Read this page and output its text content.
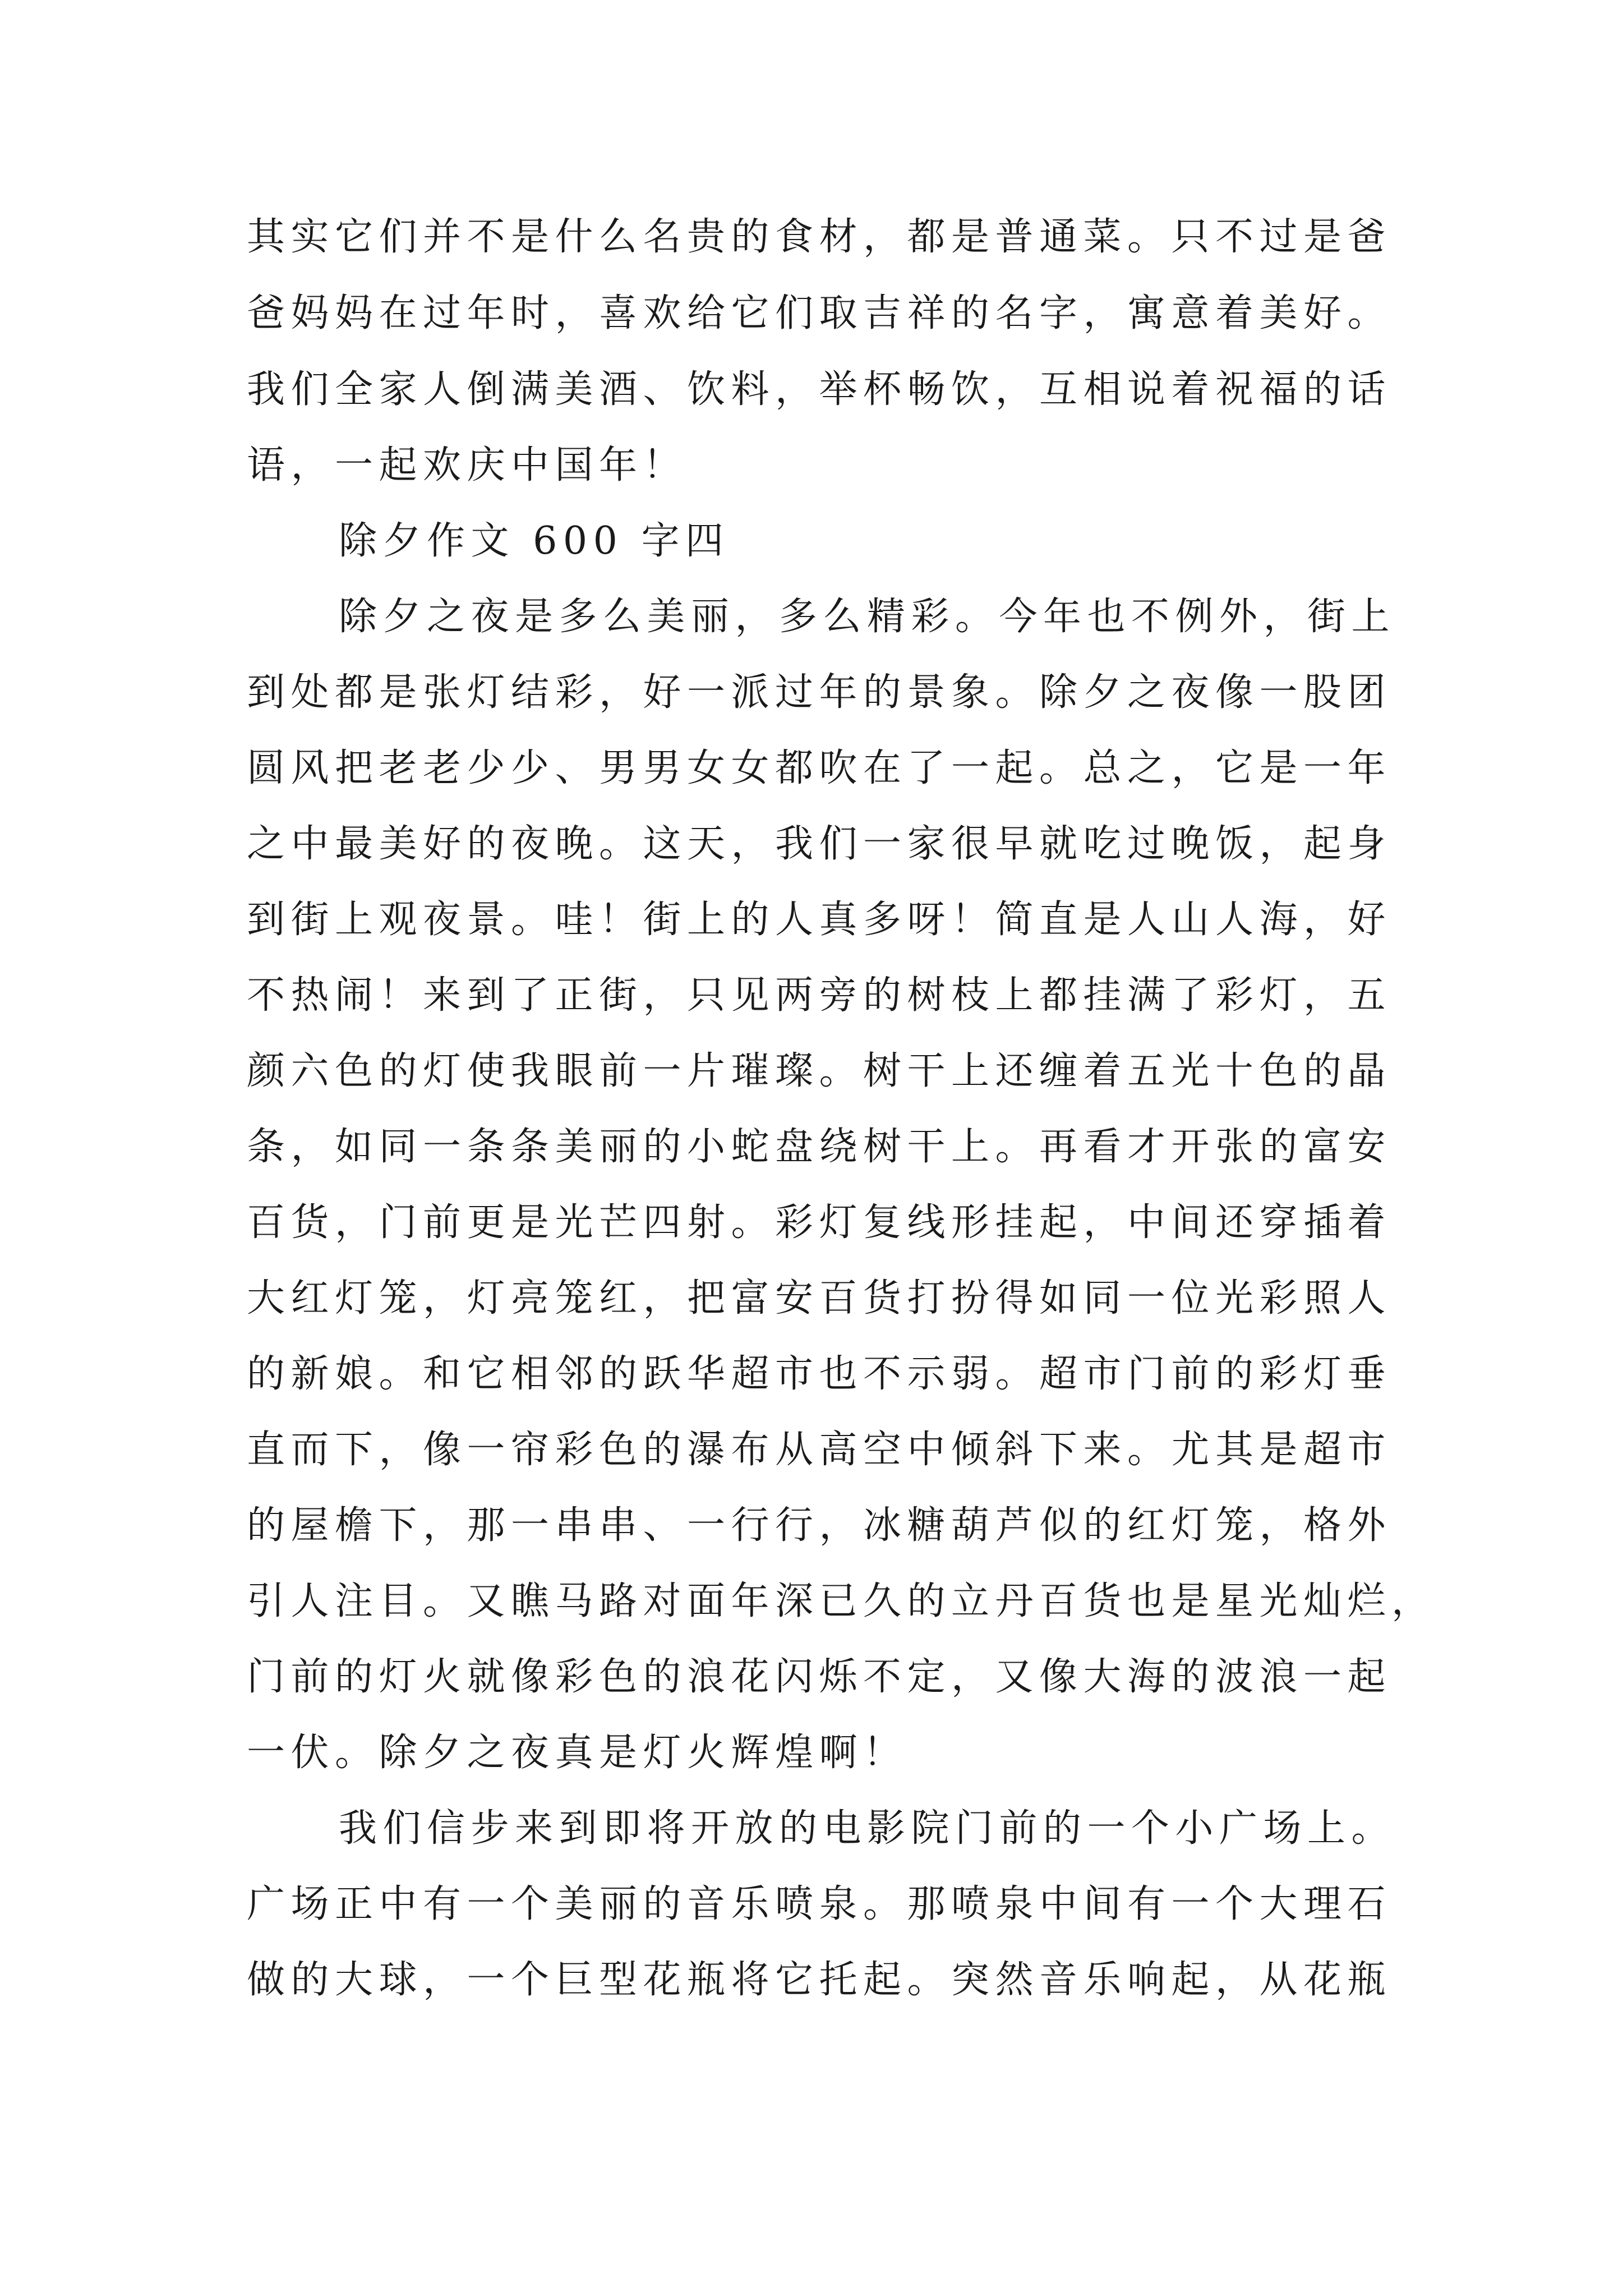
其实它们并不是什么名贵的食材，都是普通菜。只不过是爸

爸妈妈在过年时，喜欢给它们取吉祥的名字，寓意着美好。

我们全家人倒满美酒、饮料，举杯畅饮，互相说着祝福的话

语，一起欢庆中国年！

除夕作文 600 字四

除夕之夜是多么美丽，多么精彩。今年也不例外，街上

到处都是张灯结彩，好一派过年的景象。除夕之夜像一股团

圆风把老老少少、男男女女都吹在了一起。总之，它是一年

之中最美好的夜晚。这天，我们一家很早就吃过晚饭，起身

到街上观夜景。哇！街上的人真多呀！简直是人山人海，好

不热闹！来到了正街，只见两旁的树枝上都挂满了彩灯，五

颜六色的灯使我眼前一片璀璨。树干上还缠着五光十色的晶

条，如同一条条美丽的小蛇盘绕树干上。再看才开张的富安

百货，门前更是光芒四射。彩灯复线形挂起，中间还穿插着

大红灯笼，灯亮笼红，把富安百货打扮得如同一位光彩照人

的新娘。和它相邻的跃华超市也不示弱。超市门前的彩灯垂

直而下，像一帘彩色的瀑布从高空中倾斜下来。尤其是超市

的屋檐下，那一串串、一行行，冰糖葫芦似的红灯笼，格外

引人注目。又瞧马路对面年深已久的立丹百货也是星光灿烂，

门前的灯火就像彩色的浪花闪烁不定，又像大海的波浪一起

一伏。除夕之夜真是灯火辉煌啊！

我们信步来到即将开放的电影院门前的一个小广场上。

广场正中有一个美丽的音乐喷泉。那喷泉中间有一个大理石

做的大球，一个巨型花瓶将它托起。突然音乐响起，从花瓶
